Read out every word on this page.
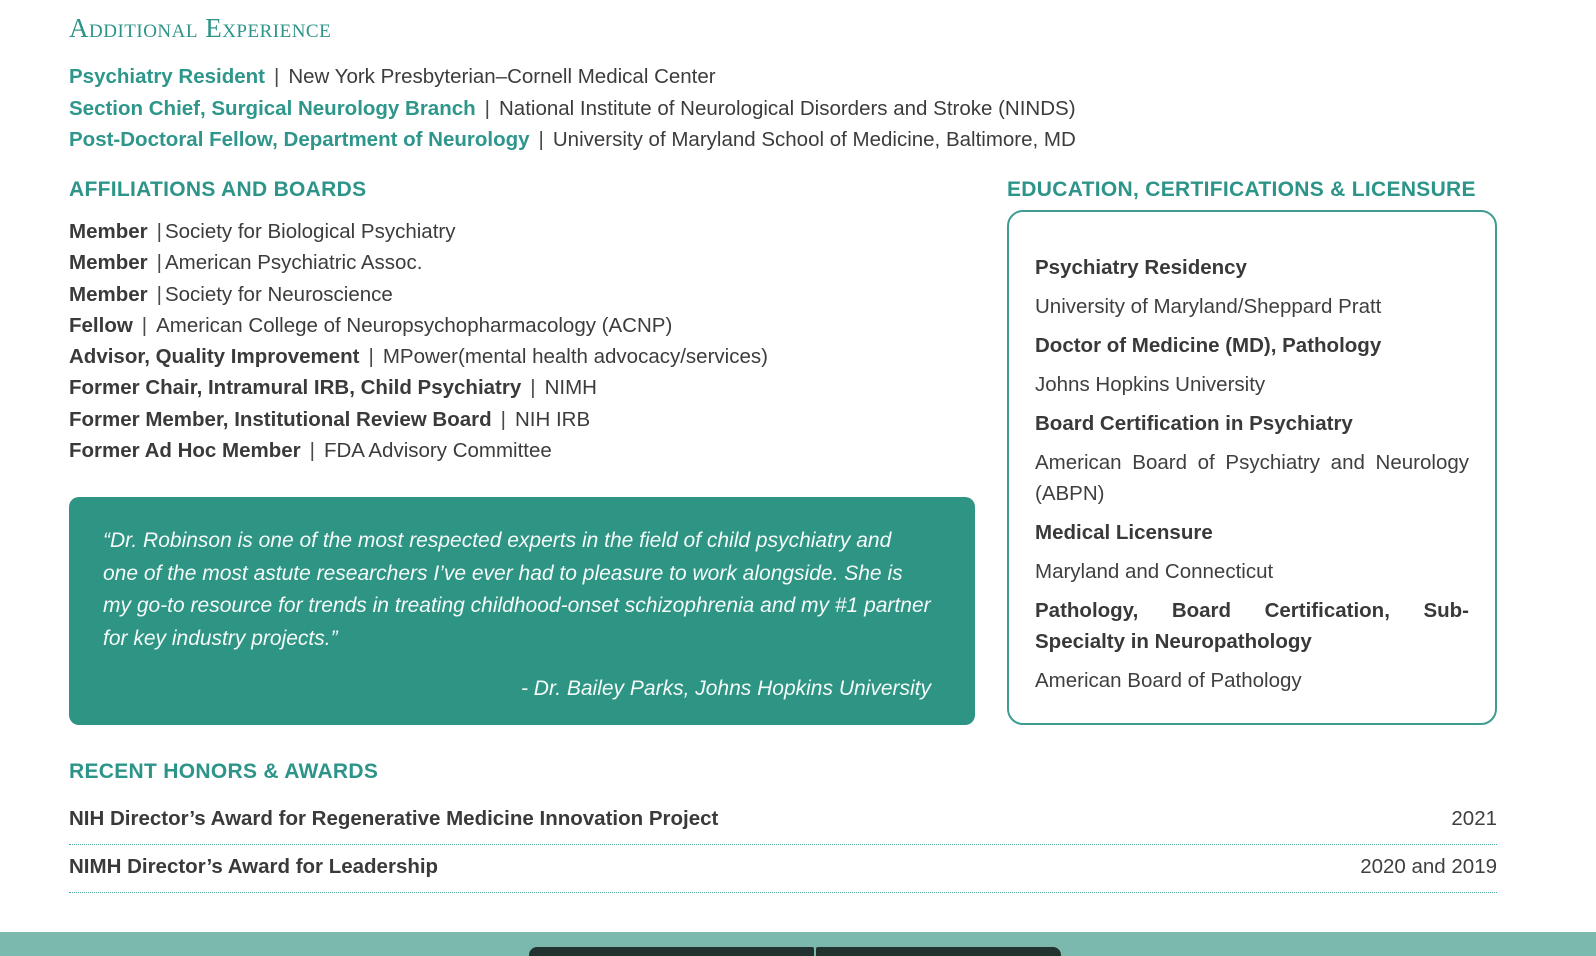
Additional Experience

Psychiatry Resident | New York Presbyterian–Cornell Medical Center

Section Chief, Surgical Neurology Branch | National Institute of Neurological Disorders and Stroke (NINDS)

Post-Doctoral Fellow, Department of Neurology | University of Maryland School of Medicine, Baltimore, MD

AFFILIATIONS AND BOARDS

Member | Society for Biological Psychiatry

Member | American Psychiatric Assoc.

Member | Society for Neuroscience

Fellow | American College of Neuropsychopharmacology (ACNP)

Advisor, Quality Improvement | MPower(mental health advocacy/services)

Former Chair, Intramural IRB, Child Psychiatry | NIMH

Former Member, Institutional Review Board | NIH IRB

Former Ad Hoc Member | FDA Advisory Committee

“Dr. Robinson is one of the most respected experts in the field of child psychiatry and one of the most astute researchers I’ve ever had to pleasure to work alongside. She is my go-to resource for trends in treating childhood-onset schizophrenia and my #1 partner for key industry projects.”

- Dr. Bailey Parks, Johns Hopkins University

EDUCATION, CERTIFICATIONS & LICENSURE

Psychiatry Residency

University of Maryland/Sheppard Pratt

Doctor of Medicine (MD), Pathology

Johns Hopkins University

Board Certification in Psychiatry

American Board of Psychiatry and Neurology (ABPN)

Medical Licensure

Maryland and Connecticut

Pathology, Board Certification, Sub-Specialty in Neuropathology

American Board of Pathology

RECENT HONORS & AWARDS
NIH Director’s Award for Regenerative Medicine Innovation Project	2021
NIMH Director’s Award for Leadership	2020 and 2019
